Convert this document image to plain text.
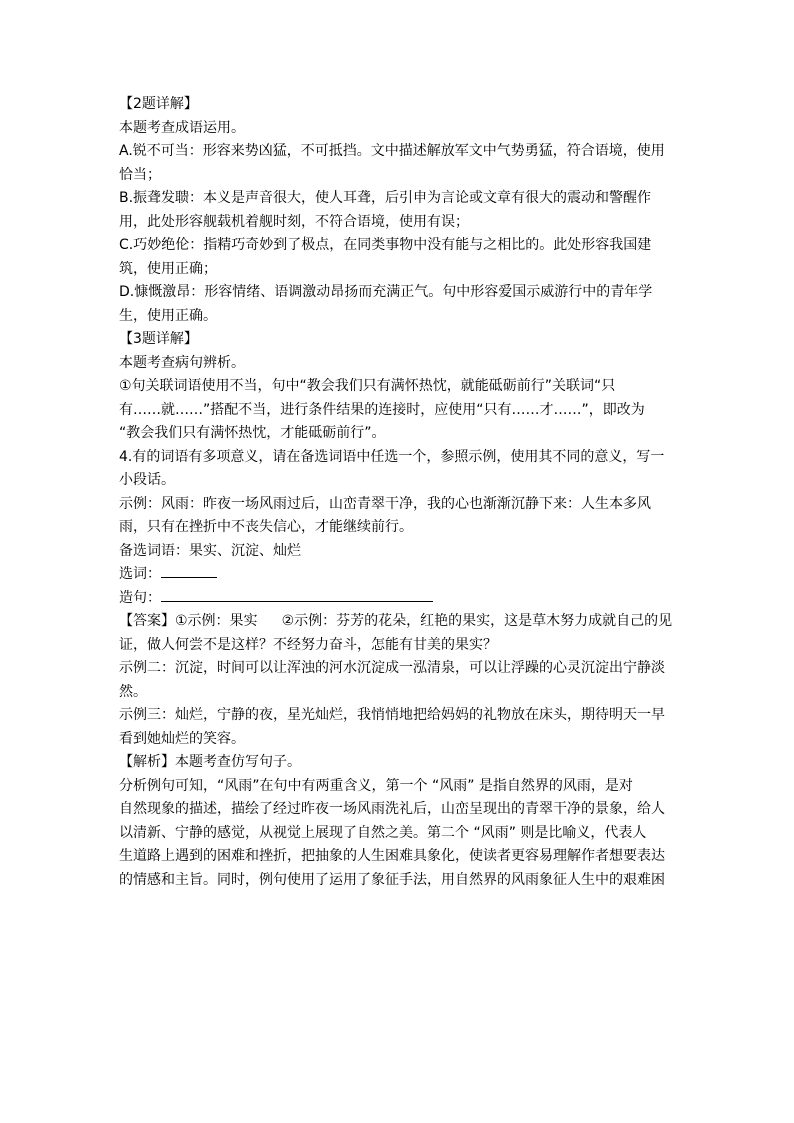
【2题详解】

本题考查成语运用。

A.锐不可当：形容来势凶猛，不可抵挡。文中描述解放军文中气势勇猛，符合语境，使用

恰当；

B.振聋发聩：本义是声音很大，使人耳聋，后引申为言论或文章有很大的震动和警醒作

用，此处形容舰载机着舰时刻，不符合语境，使用有误；

C.巧妙绝伦：指精巧奇妙到了极点，在同类事物中没有能与之相比的。此处形容我国建

筑，使用正确；

D.慷慨激昂：形容情绪、语调激动昂扬而充满正气。句中形容爱国示威游行中的青年学

生，使用正确。

【3题详解】

本题考查病句辨析。

①句关联词语使用不当，句中“教会我们只有满怀热忱，就能砥砺前行”关联词“只

有……就……”搭配不当，进行条件结果的连接时，应使用“只有……才……”，即改为

“教会我们只有满怀热忱，才能砥砺前行”。

4.有的词语有多项意义，请在备选词语中任选一个，参照示例，使用其不同的意义，写一

小段话。

示例：风雨：昨夜一场风雨过后，山峦青翠干净，我的心也渐渐沉静下来：人生本多风

雨，只有在挫折中不丧失信心，才能继续前行。

备选词语：果实、沉淀、灿烂

选词：

造句：

【答案】①示例：果实 ②示例：芬芳的花朵，红艳的果实，这是草木努力成就自己的见

证，做人何尝不是这样？不经努力奋斗，怎能有甘美的果实？

示例二：沉淀，时间可以让浑浊的河水沉淀成一泓清泉，可以让浮躁的心灵沉淀出宁静淡

然。

示例三：灿烂，宁静的夜，星光灿烂，我悄悄地把给妈妈的礼物放在床头，期待明天一早

看到她灿烂的笑容。

【解析】本题考查仿写句子。

分析例句可知，“风雨”在句中有两重含义，第一个 “风雨” 是指自然界的风雨，是对

自然现象的描述，描绘了经过昨夜一场风雨洗礼后，山峦呈现出的青翠干净的景象，给人

以清新、宁静的感觉，从视觉上展现了自然之美。第二个 “风雨” 则是比喻义，代表人

生道路上遇到的困难和挫折，把抽象的人生困难具象化，使读者更容易理解作者想要表达

的情感和主旨。同时，例句使用了运用了象征手法，用自然界的风雨象征人生中的艰难困
